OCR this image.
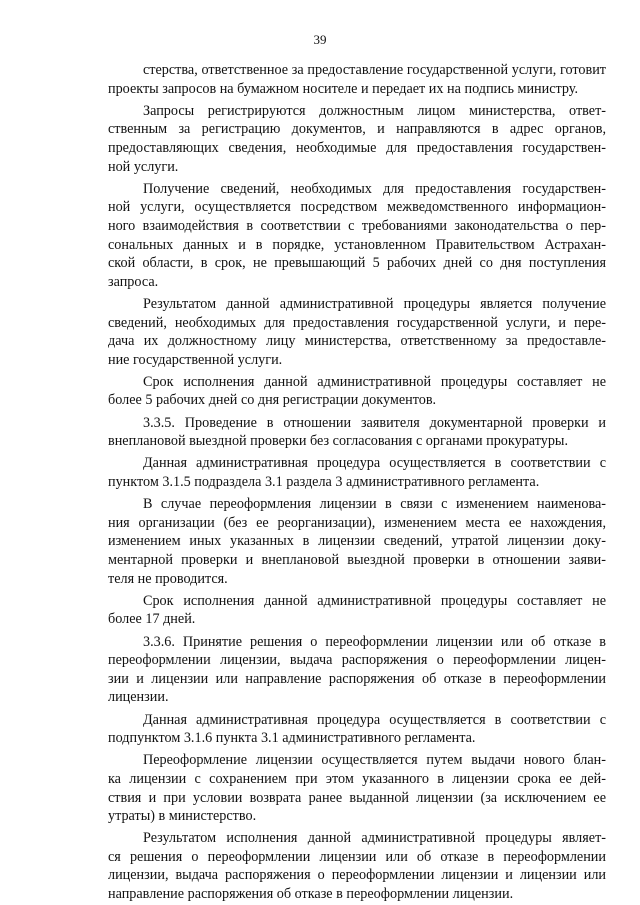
39
стерства, ответственное за предоставление государственной услуги, готовит
проекты запросов на бумажном носителе и передает их на подпись министру.
Запросы регистрируются должностным лицом министерства, ответ-
ственным за регистрацию документов, и направляются в адрес органов,
предоставляющих сведения, необходимые для предоставления государствен-
ной услуги.
Получение сведений, необходимых для предоставления государствен-
ной услуги, осуществляется посредством межведомственного информацион-
ного взаимодействия в соответствии с требованиями законодательства о пер-
сональных данных и в порядке, установленном Правительством Астрахан-
ской области, в срок, не превышающий 5 рабочих дней со дня поступления
запроса.
Результатом данной административной процедуры является получение
сведений, необходимых для предоставления государственной услуги, и пере-
дача их должностному лицу министерства, ответственному за предоставле-
ние государственной услуги.
Срок исполнения данной административной процедуры составляет не
более 5 рабочих дней со дня регистрации документов.
3.3.5. Проведение в отношении заявителя документарной проверки и
внеплановой выездной проверки без согласования с органами прокуратуры.
Данная административная процедура осуществляется в соответствии с
пунктом 3.1.5 подраздела 3.1 раздела 3 административного регламента.
В случае переоформления лицензии в связи с изменением наименова-
ния организации (без ее реорганизации), изменением места ее нахождения,
изменением иных указанных в лицензии сведений, утратой лицензии доку-
ментарной проверки и внеплановой выездной проверки в отношении заяви-
теля не проводится.
Срок исполнения данной административной процедуры составляет не
более 17 дней.
3.3.6. Принятие решения о переоформлении лицензии или об отказе в
переоформлении лицензии, выдача распоряжения о переоформлении лицен-
зии и лицензии или направление распоряжения об отказе в переоформлении
лицензии.
Данная административная процедура осуществляется в соответствии с
подпунктом 3.1.6 пункта 3.1 административного регламента.
Переоформление лицензии осуществляется путем выдачи нового блан-
ка лицензии с сохранением при этом указанного в лицензии срока ее дей-
ствия и при условии возврата ранее выданной лицензии (за исключением ее
утраты) в министерство.
Результатом исполнения данной административной процедуры являет-
ся решения о переоформлении лицензии или об отказе в переоформлении
лицензии, выдача распоряжения о переоформлении лицензии и лицензии или
направление распоряжения об отказе в переоформлении лицензии.
